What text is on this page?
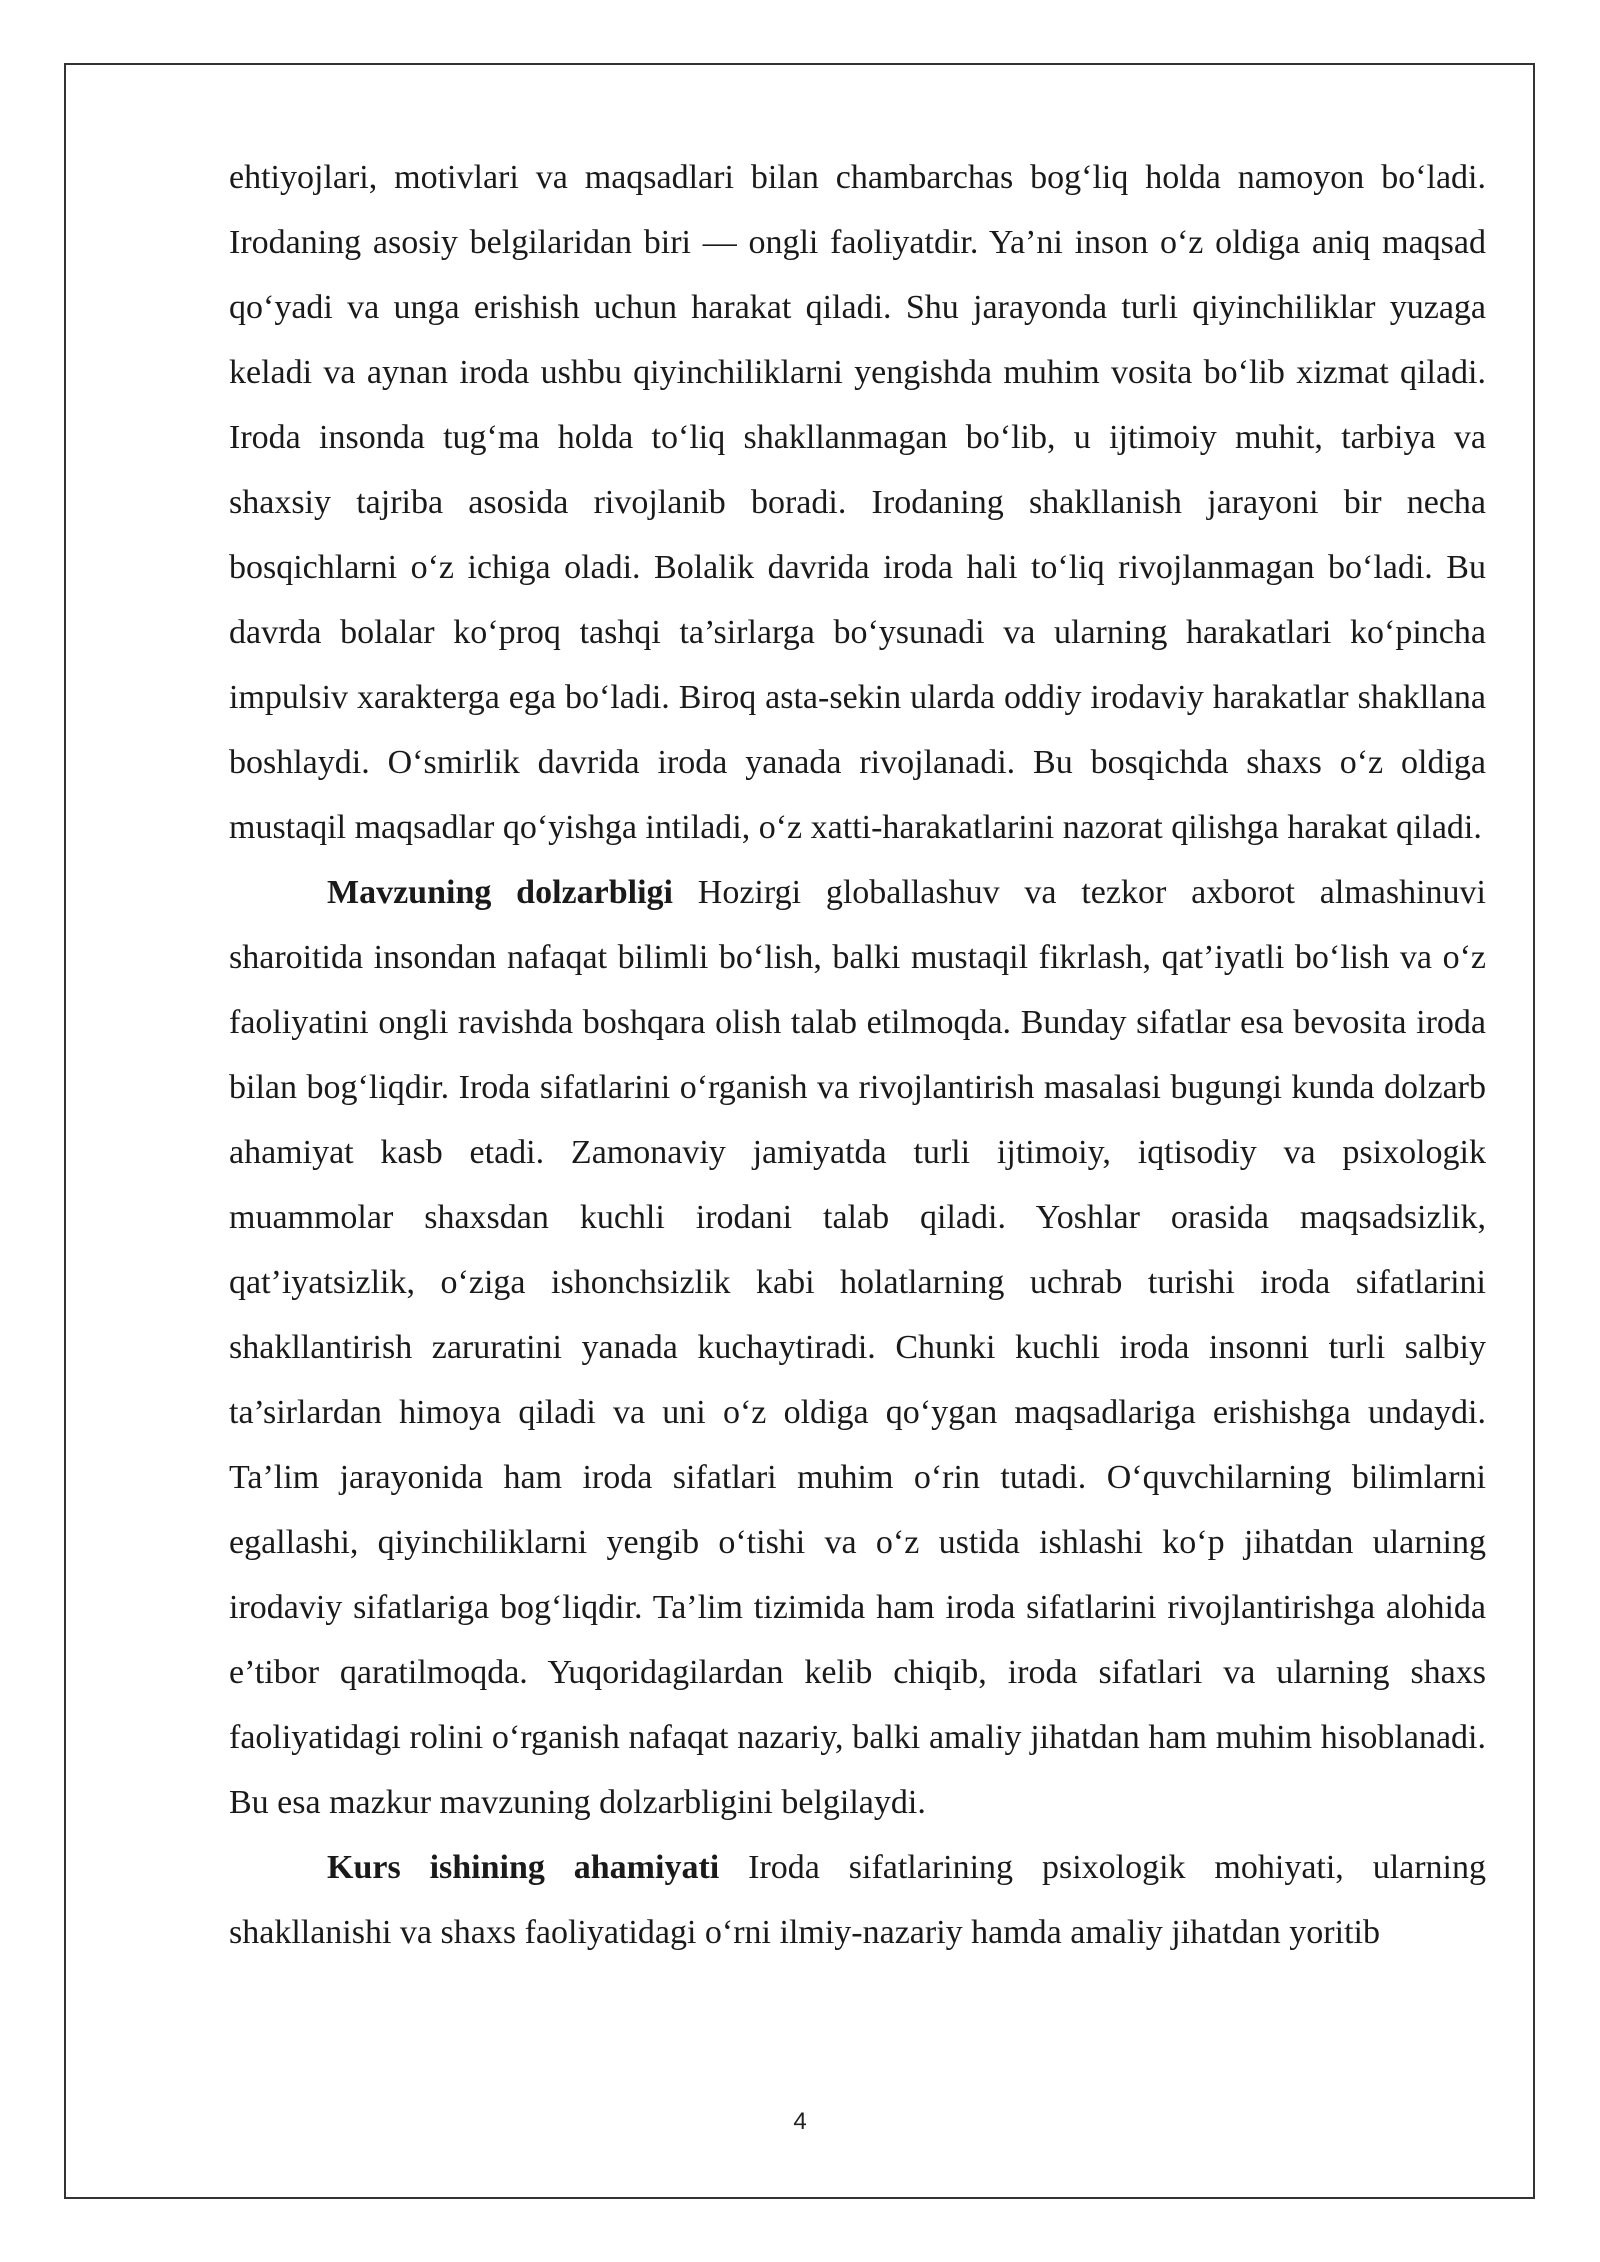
ehtiyojlari, motivlari va maqsadlari bilan chambarchas bog‘liq holda namoyon bo‘ladi. Irodaning asosiy belgilaridan biri — ongli faoliyatdir. Ya’ni inson o‘z oldiga aniq maqsad qo‘yadi va unga erishish uchun harakat qiladi. Shu jarayonda turli qiyinchiliklar yuzaga keladi va aynan iroda ushbu qiyinchiliklarni yengishda muhim vosita bo‘lib xizmat qiladi. Iroda insonda tug‘ma holda to‘liq shakllanmagan bo‘lib, u ijtimoiy muhit, tarbiya va shaxsiy tajriba asosida rivojlanib boradi. Irodaning shakllanish jarayoni bir necha bosqichlarni o‘z ichiga oladi. Bolalik davrida iroda hali to‘liq rivojlanmagan bo‘ladi. Bu davrda bolalar ko‘proq tashqi ta’sirlarga bo‘ysunadi va ularning harakatlari ko‘pincha impulsiv xarakterga ega bo‘ladi. Biroq asta-sekin ularda oddiy irodaviy harakatlar shakllana boshlaydi. O‘smirlik davrida iroda yanada rivojlanadi. Bu bosqichda shaxs o‘z oldiga mustaqil maqsadlar qo‘yishga intiladi, o‘z xatti-harakatlarini nazorat qilishga harakat qiladi.

Mavzuning dolzarbligi Hozirgi globallashuv va tezkor axborot almashinuvi sharoitida insondan nafaqat bilimli bo‘lish, balki mustaqil fikrlash, qat’iyatli bo‘lish va o‘z faoliyatini ongli ravishda boshqara olish talab etilmoqda. Bunday sifatlar esa bevosita iroda bilan bog‘liqdir. Iroda sifatlarini o‘rganish va rivojlantirish masalasi bugungi kunda dolzarb ahamiyat kasb etadi. Zamonaviy jamiyatda turli ijtimoiy, iqtisodiy va psixologik muammolar shaxsdan kuchli irodani talab qiladi. Yoshlar orasida maqsadsizlik, qat’iyatsizlik, o‘ziga ishonchsizlik kabi holatlarning uchrab turishi iroda sifatlarini shakllantirish zaruratini yanada kuchaytiradi. Chunki kuchli iroda insonni turli salbiy ta’sirlardan himoya qiladi va uni o‘z oldiga qo‘ygan maqsadlariga erishishga undaydi. Ta’lim jarayonida ham iroda sifatlari muhim o‘rin tutadi. O‘quvchilarning bilimlarni egallashi, qiyinchiliklarni yengib o‘tishi va o‘z ustida ishlashi ko‘p jihatdan ularning irodaviy sifatlariga bog‘liqdir. Ta’lim tizimida ham iroda sifatlarini rivojlantirishga alohida e’tibor qaratilmoqda. Yuqoridagilardan kelib chiqib, iroda sifatlari va ularning shaxs faoliyatidagi rolini o‘rganish nafaqat nazariy, balki amaliy jihatdan ham muhim hisoblanadi. Bu esa mazkur mavzuning dolzarbligini belgilaydi.

Kurs ishining ahamiyati Iroda sifatlarining psixologik mohiyati, ularning shakllanishi va shaxs faoliyatidagi o‘rni ilmiy-nazariy hamda amaliy jihatdan yoritib

4
